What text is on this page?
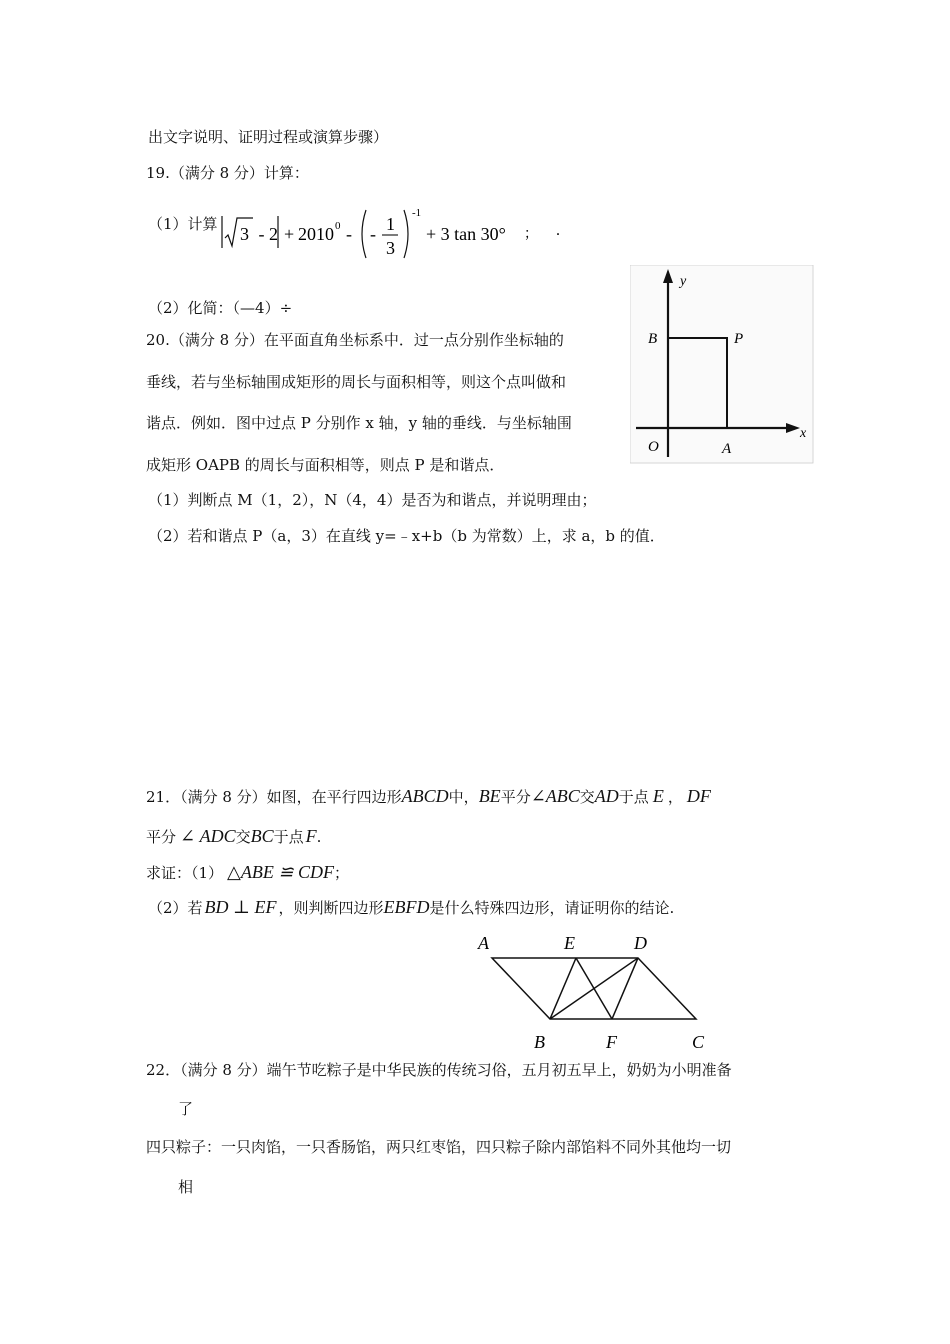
出文字说明、证明过程或演算步骤）
19.（满分 8 分）计算：
（1）计算 3 - 2 + 2010 0 - - 1
3
-1
+ 3 tan 30° ； .
（2）化简：（—4）÷
20.（满分 8 分）在平面直角坐标系中．过一点分别作坐标轴的
垂线，若与坐标轴围成矩形的周长与面积相等，则这个点叫做和
谐点．例如．图中过点 P 分别作 x 轴，y 轴的垂线．与坐标轴围
成矩形 OAPB 的周长与面积相等，则点 P 是和谐点．
（1）判断点 M（1，2），N（4，4）是否为和谐点，并说明理由；
（2）若和谐点 P（a，3）在直线 y=﹣x+b（b 为常数）上，求 a，b 的值．
y
x
B	P
O	A
21．（满分 8 分）如图，在平行四边形ABCD中，BE平分∠ABC交AD于点 E ， DF
平分 ∠ ADC交BC于点 F.
求证：（1） △ABE ≌ CDF；
（2）若 BD ⊥ EF ，则判断四边形EBFD是什么特殊四边形，请证明你的结论.
A	E	D
B	F	C
22．（满分 8 分）端午节吃粽子是中华民族的传统习俗，五月初五早上，奶奶为小明准备
了
四只粽子：一只肉馅，一只香肠馅，两只红枣馅，四只粽子除内部馅料不同外其他均一切
相
